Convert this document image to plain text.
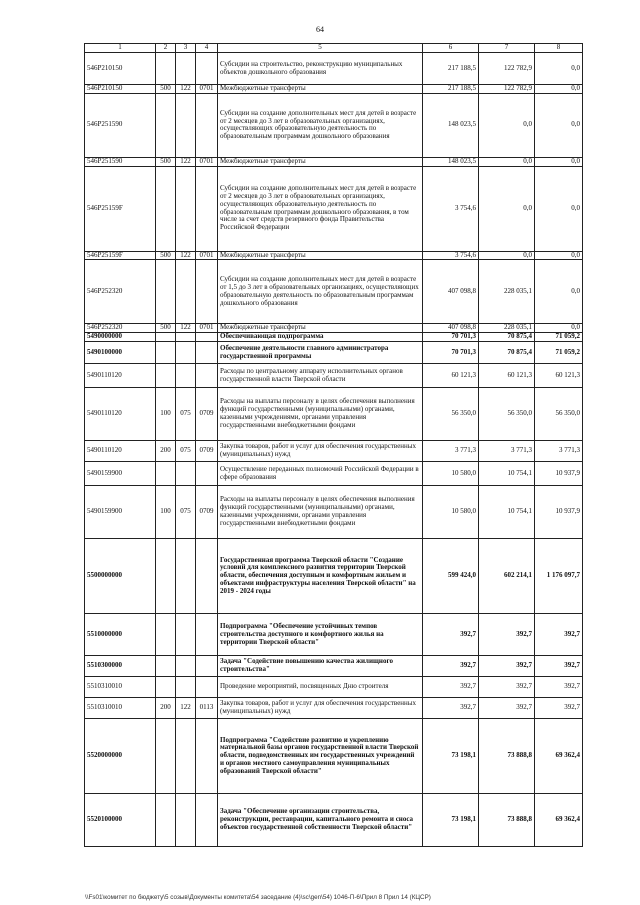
64
1	2	3	4	5	6	7	8
546P210150				Субсидии на строительство, реконструкцию муниципальных объектов дошкольного образования	217 188,5	122 782,9	0,0
546P210150	500	122	0701	Межбюджетные трансферты	217 188,5	122 782,9	0,0
546P251590				Субсидии на создание дополнительных мест для детей в возрасте от 2 месяцев до 3 лет в образовательных организациях, осуществляющих образовательную деятельность по образовательным программам дошкольного образования	148 023,5	0,0	0,0
546P251590	500	122	0701	Межбюджетные трансферты	148 023,5	0,0	0,0
546P25159F				Субсидии на создание дополнительных мест для детей в возрасте от 2 месяцев до 3 лет в образовательных организациях, осуществляющих образовательную деятельность по образовательным программам дошкольного образования, в том числе за счет средств резервного фонда Правительства Российской Федерации	3 754,6	0,0	0,0
546P25159F	500	122	0701	Межбюджетные трансферты	3 754,6	0,0	0,0
546P252320				Субсидии на создание дополнительных мест для детей в возрасте от 1,5 до 3 лет в образовательных организациях, осуществляющих образовательную деятельность по образовательным программам дошкольного образования	407 098,8	228 035,1	0,0
546P252320	500	122	0701	Межбюджетные трансферты	407 098,8	228 035,1	0,0
5490000000				Обеспечивающая подпрограмма	70 701,3	70 875,4	71 059,2
5490100000				Обеспечение деятельности главного администратора государственной программы	70 701,3	70 875,4	71 059,2
5490110120				Расходы по центральному аппарату исполнительных органов государственной власти Тверской области	60 121,3	60 121,3	60 121,3
5490110120	100	075	0709	Расходы на выплаты персоналу в целях обеспечения выполнения функций государственными (муниципальными) органами, казенными учреждениями, органами управления государственными внебюджетными фондами	56 350,0	56 350,0	56 350,0
5490110120	200	075	0709	Закупка товаров, работ и услуг для обеспечения государственных (муниципальных) нужд	3 771,3	3 771,3	3 771,3
5490159900				Осуществление переданных полномочий Российской Федерации в сфере образования	10 580,0	10 754,1	10 937,9
5490159900	100	075	0709	Расходы на выплаты персоналу в целях обеспечения выполнения функций государственными (муниципальными) органами, казенными учреждениями, органами управления государственными внебюджетными фондами	10 580,0	10 754,1	10 937,9
5500000000				Государственная программа Тверской области "Создание условий для комплексного развития территории Тверской области, обеспечения доступным и комфортным жильем и объектами инфраструктуры населения Тверской области" на 2019 - 2024 годы	599 424,0	602 214,1	1 176 097,7
5510000000				Подпрограмма "Обеспечение устойчивых темпов строительства доступного и комфортного жилья на территории Тверской области"	392,7	392,7	392,7
5510300000				Задача "Содействие повышению качества жилищного строительства"	392,7	392,7	392,7
5510310010				Проведение мероприятий, посвященных Дню строителя	392,7	392,7	392,7
5510310010	200	122	0113	Закупка товаров, работ и услуг для обеспечения государственных (муниципальных) нужд	392,7	392,7	392,7
5520000000				Подпрограмма "Содействие развитию и укреплению материальной базы органов государственной власти Тверской области, подведомственных им государственных учреждений и органов местного самоуправления муниципальных образований Тверской области"	73 198,1	73 888,8	69 362,4
5520100000				Задача "Обеспечение организации строительства, реконструкции, реставрации, капитального ремонта и сноса объектов государственной собственности Тверской области"	73 198,1	73 888,8	69 362,4
\\Fs01\комитет по бюджету\5 созыв\Документы комитета\54 заседание (4)\sc\gen\54) 1046-П-6\Прил 8 Прил 14 (КЦСР)
